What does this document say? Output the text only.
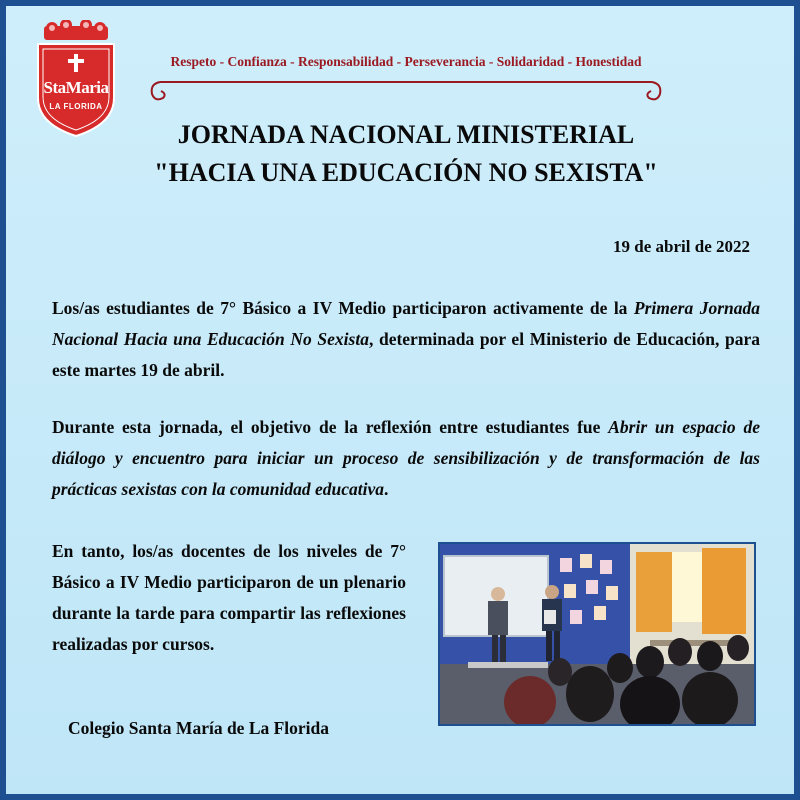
StaMaria
LA FLORIDA
Respeto - Confianza - Responsabilidad - Perseverancia - Solidaridad - Honestidad
JORNADA NACIONAL MINISTERIAL
"HACIA UNA EDUCACIÓN NO SEXISTA"
19 de abril de 2022

Los/as estudiantes de 7° Básico a IV Medio participaron activamente de la Primera Jornada Nacional Hacia una Educación No Sexista, determinada por el Ministerio de Educación, para este martes 19 de abril.

Durante esta jornada, el objetivo de la reflexión entre estudiantes fue Abrir un espacio de diálogo y encuentro para iniciar un proceso de sensibilización y de transformación de las prácticas sexistas con la comunidad educativa.

En tanto, los/as docentes de los niveles de 7° Básico a IV Medio participaron de un plenario durante la tarde para compartir las reflexiones realizadas por cursos.

Colegio Santa María de La Florida
